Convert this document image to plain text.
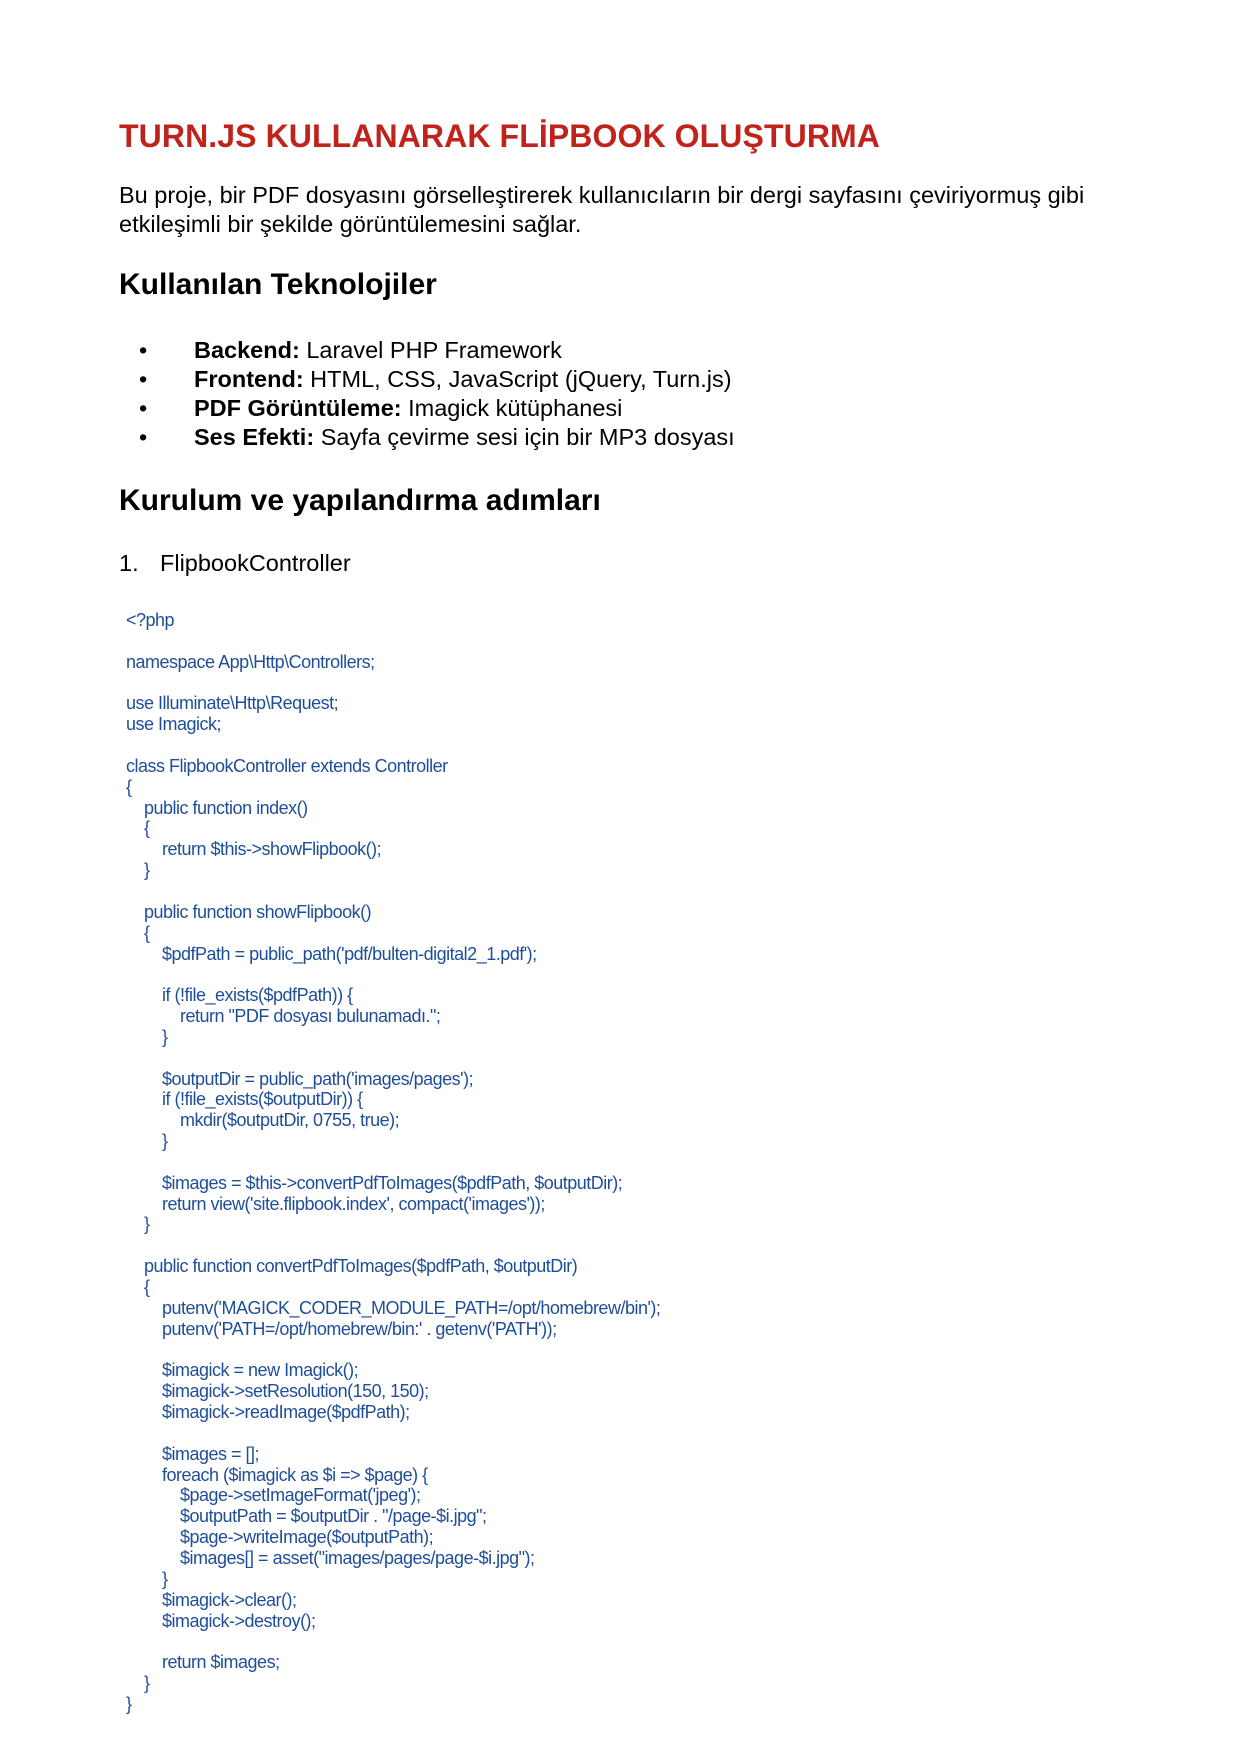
TURN.JS KULLANARAK FLİPBOOK OLUŞTURMA

Bu proje, bir PDF dosyasını görselleştirerek kullanıcıların bir dergi sayfasını çeviriyormuş gibi etkileşimli bir şekilde görüntülemesini sağlar.

Kullanılan Teknolojiler
• Backend: Laravel PHP Framework
• Frontend: HTML, CSS, JavaScript (jQuery, Turn.js)
• PDF Görüntüleme: Imagick kütüphanesi
• Ses Efekti: Sayfa çevirme sesi için bir MP3 dosyası
Kurulum ve yapılandırma adımları
1. FlipbookController
<?php

namespace App\Http\Controllers;

use Illuminate\Http\Request;
use Imagick;

class FlipbookController extends Controller
{
public function index()
{
return $this->showFlipbook();
}

public function showFlipbook()
{
$pdfPath = public_path('pdf/bulten-digital2_1.pdf');

if (!file_exists($pdfPath)) {
return "PDF dosyası bulunamadı.";
}

$outputDir = public_path('images/pages');
if (!file_exists($outputDir)) {
mkdir($outputDir, 0755, true);
}

$images = $this->convertPdfToImages($pdfPath, $outputDir);
return view('site.flipbook.index', compact('images'));
}

public function convertPdfToImages($pdfPath, $outputDir)
{
putenv('MAGICK_CODER_MODULE_PATH=/opt/homebrew/bin');
putenv('PATH=/opt/homebrew/bin:' . getenv('PATH'));

$imagick = new Imagick();
$imagick->setResolution(150, 150);
$imagick->readImage($pdfPath);

$images = [];
foreach ($imagick as $i => $page) {
$page->setImageFormat('jpeg');
$outputPath = $outputDir . "/page-$i.jpg";
$page->writeImage($outputPath);
$images[] = asset("images/pages/page-$i.jpg");
}
$imagick->clear();
$imagick->destroy();

return $images;
}
}
